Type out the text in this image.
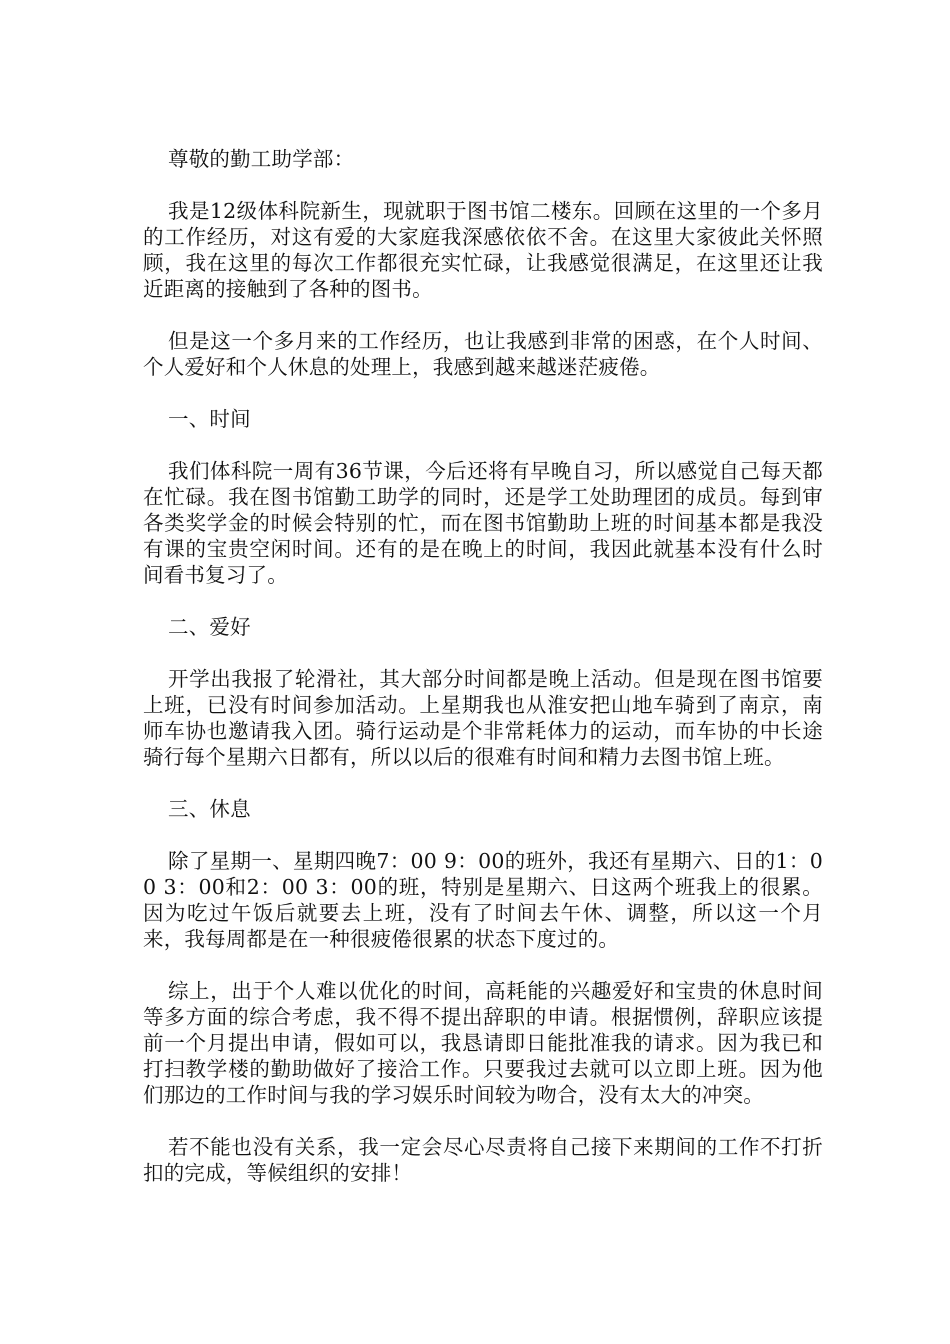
尊敬的勤工助学部：

我是12级体科院新生，现就职于图书馆二楼东。回顾在这里的一个多月的工作经历，对这有爱的大家庭我深感依依不舍。在这里大家彼此关怀照顾，我在这里的每次工作都很充实忙碌，让我感觉很满足，在这里还让我近距离的接触到了各种的图书。

但是这一个多月来的工作经历，也让我感到非常的困惑，在个人时间、个人爱好和个人休息的处理上，我感到越来越迷茫疲倦。

一、时间

我们体科院一周有36节课，今后还将有早晚自习，所以感觉自己每天都在忙碌。我在图书馆勤工助学的同时，还是学工处助理团的成员。每到审各类奖学金的时候会特别的忙，而在图书馆勤助上班的时间基本都是我没有课的宝贵空闲时间。还有的是在晚上的时间，我因此就基本没有什么时间看书复习了。

二、爱好

开学出我报了轮滑社，其大部分时间都是晚上活动。但是现在图书馆要上班，已没有时间参加活动。上星期我也从淮安把山地车骑到了南京，南师车协也邀请我入团。骑行运动是个非常耗体力的运动，而车协的中长途骑行每个星期六日都有，所以以后的很难有时间和精力去图书馆上班。

三、休息

除了星期一、星期四晚7：00 9：00的班外，我还有星期六、日的1：00 3：00和2：00 3：00的班，特别是星期六、日这两个班我上的很累。因为吃过午饭后就要去上班，没有了时间去午休、调整，所以这一个月来，我每周都是在一种很疲倦很累的状态下度过的。

综上，出于个人难以优化的时间，高耗能的兴趣爱好和宝贵的休息时间等多方面的综合考虑，我不得不提出辞职的申请。根据惯例，辞职应该提前一个月提出申请，假如可以，我恳请即日能批准我的请求。因为我已和打扫教学楼的勤助做好了接洽工作。只要我过去就可以立即上班。因为他们那边的工作时间与我的学习娱乐时间较为吻合，没有太大的冲突。

若不能也没有关系，我一定会尽心尽责将自己接下来期间的工作不打折扣的完成，等候组织的安排！
